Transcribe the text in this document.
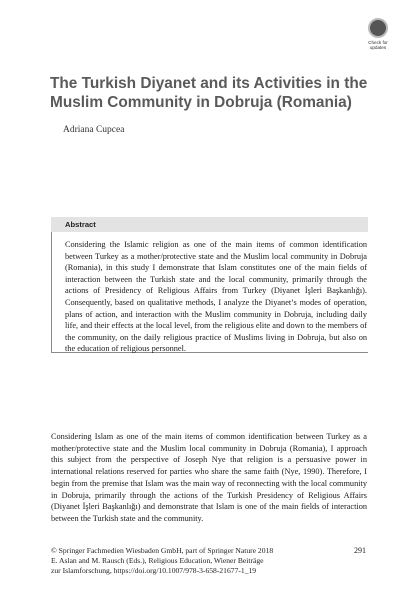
Check for
updates
The Turkish Diyanet and its Activities in the Muslim Community in Dobruja (Romania)

Adriana Cupcea

Abstract

Considering the Islamic religion as one of the main items of common identification between Turkey as a mother/protective state and the Muslim local community in Dobruja (Romania), in this study I demonstrate that Islam constitutes one of the main fields of interaction between the Turkish state and the local community, primarily through the actions of Presidency of Religious Affairs from Turkey (Diyanet İşleri Başkanlığı). Consequently, based on qualitative methods, I analyze the Diyanet’s modes of operation, plans of action, and interaction with the Muslim community in Dobruja, including daily life, and their effects at the local level, from the religious elite and down to the members of the community, on the daily religious practice of Muslims living in Dobruja, but also on the education of religious personnel.

Considering Islam as one of the main items of common identification between Turkey as a mother/protective state and the Muslim local community in Dobruja (Romania), I approach this subject from the perspective of Joseph Nye that religion is a persuasive power in international relations reserved for parties who share the same faith (Nye, 1990). Therefore, I begin from the premise that Islam was the main way of reconnecting with the local community in Dobruja, primarily through the actions of the Turkish Presidency of Religious Affairs (Diyanet İşleri Başkanlığı) and demonstrate that Islam is one of the main fields of interaction between the Turkish state and the community.

© Springer Fachmedien Wiesbaden GmbH, part of Springer Nature 2018
E. Aslan and M. Rausch (Eds.), Religious Education, Wiener Beiträge
zur Islamforschung, https://doi.org/10.1007/978-3-658-21677-1_19
291
